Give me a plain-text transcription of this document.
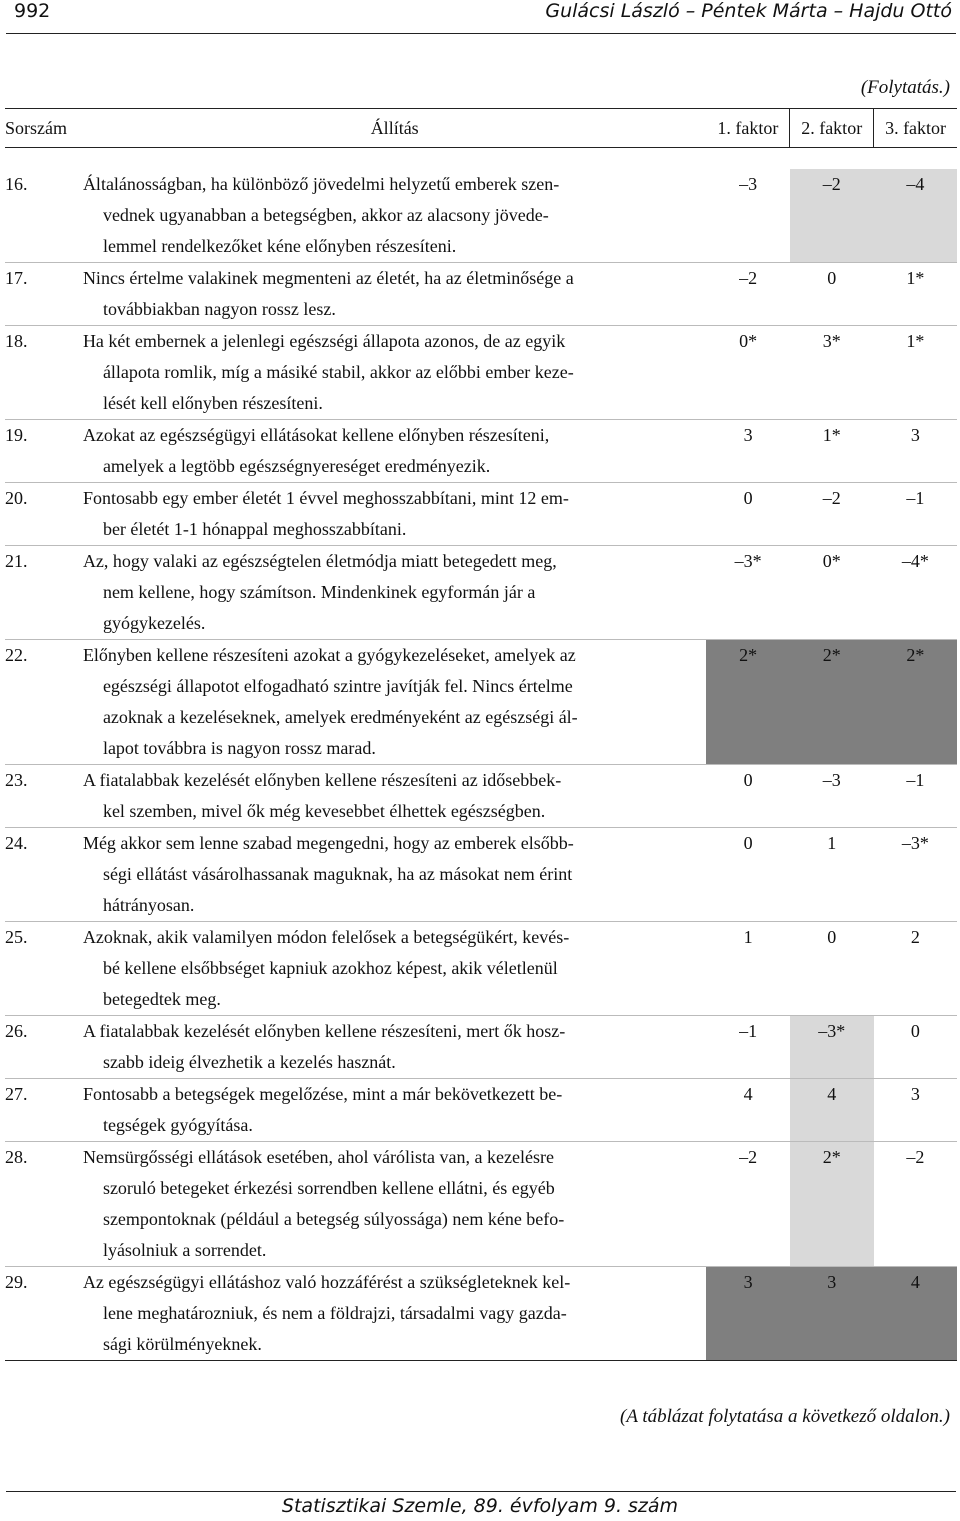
992	Gulácsi László – Péntek Márta – Hajdu Ottó
(Folytatás.)
Sorszám	Állítás	1. faktor	2. faktor	3. faktor

16.	Általánosságban, ha különböző jövedelmi helyzetű emberek szen-
vednek ugyanabban a betegségben, akkor az alacsony jövede-
lemmel rendelkezőket kéne előnyben részesíteni.	–3	–2	–4
17.	Nincs értelme valakinek megmenteni az életét, ha az életminősége a
továbbiakban nagyon rossz lesz.	–2	0	1*
18.	Ha két embernek a jelenlegi egészségi állapota azonos, de az egyik
állapota romlik, míg a másiké stabil, akkor az előbbi ember keze-
lését kell előnyben részesíteni.	0*	3*	1*
19.	Azokat az egészségügyi ellátásokat kellene előnyben részesíteni,
amelyek a legtöbb egészségnyereséget eredményezik.	3	1*	3
20.	Fontosabb egy ember életét 1 évvel meghosszabbítani, mint 12 em-
ber életét 1-1 hónappal meghosszabbítani.	0	–2	–1
21.	Az, hogy valaki az egészségtelen életmódja miatt betegedett meg,
nem kellene, hogy számítson. Mindenkinek egyformán jár a
gyógykezelés.	–3*	0*	–4*
22.	Előnyben kellene részesíteni azokat a gyógykezeléseket, amelyek az
egészségi állapotot elfogadható szintre javítják fel. Nincs értelme
azoknak a kezeléseknek, amelyek eredményeként az egészségi ál-
lapot továbbra is nagyon rossz marad.	2*	2*	2*
23.	A fiatalabbak kezelését előnyben kellene részesíteni az idősebbek-
kel szemben, mivel ők még kevesebbet élhettek egészségben.	0	–3	–1
24.	Még akkor sem lenne szabad megengedni, hogy az emberek elsőbb-
ségi ellátást vásárolhassanak maguknak, ha az másokat nem érint
hátrányosan.	0	1	–3*
25.	Azoknak, akik valamilyen módon felelősek a betegségükért, kevés-
bé kellene elsőbbséget kapniuk azokhoz képest, akik véletlenül
betegedtek meg.	1	0	2
26.	A fiatalabbak kezelését előnyben kellene részesíteni, mert ők hosz-
szabb ideig élvezhetik a kezelés hasznát.	–1	–3*	0
27.	Fontosabb a betegségek megelőzése, mint a már bekövetkezett be-
tegségek gyógyítása.	4	4	3
28.	Nemsürgősségi ellátások esetében, ahol várólista van, a kezelésre
szoruló betegeket érkezési sorrendben kellene ellátni, és egyéb
szempontoknak (például a betegség súlyossága) nem kéne befo-
lyásolniuk a sorrendet.	–2	2*	–2
29.	Az egészségügyi ellátáshoz való hozzáférést a szükségleteknek kel-
lene meghatározniuk, és nem a földrajzi, társadalmi vagy gazda-
sági körülményeknek.	3	3	4
(A táblázat folytatása a következő oldalon.)
Statisztikai Szemle, 89. évfolyam 9. szám
